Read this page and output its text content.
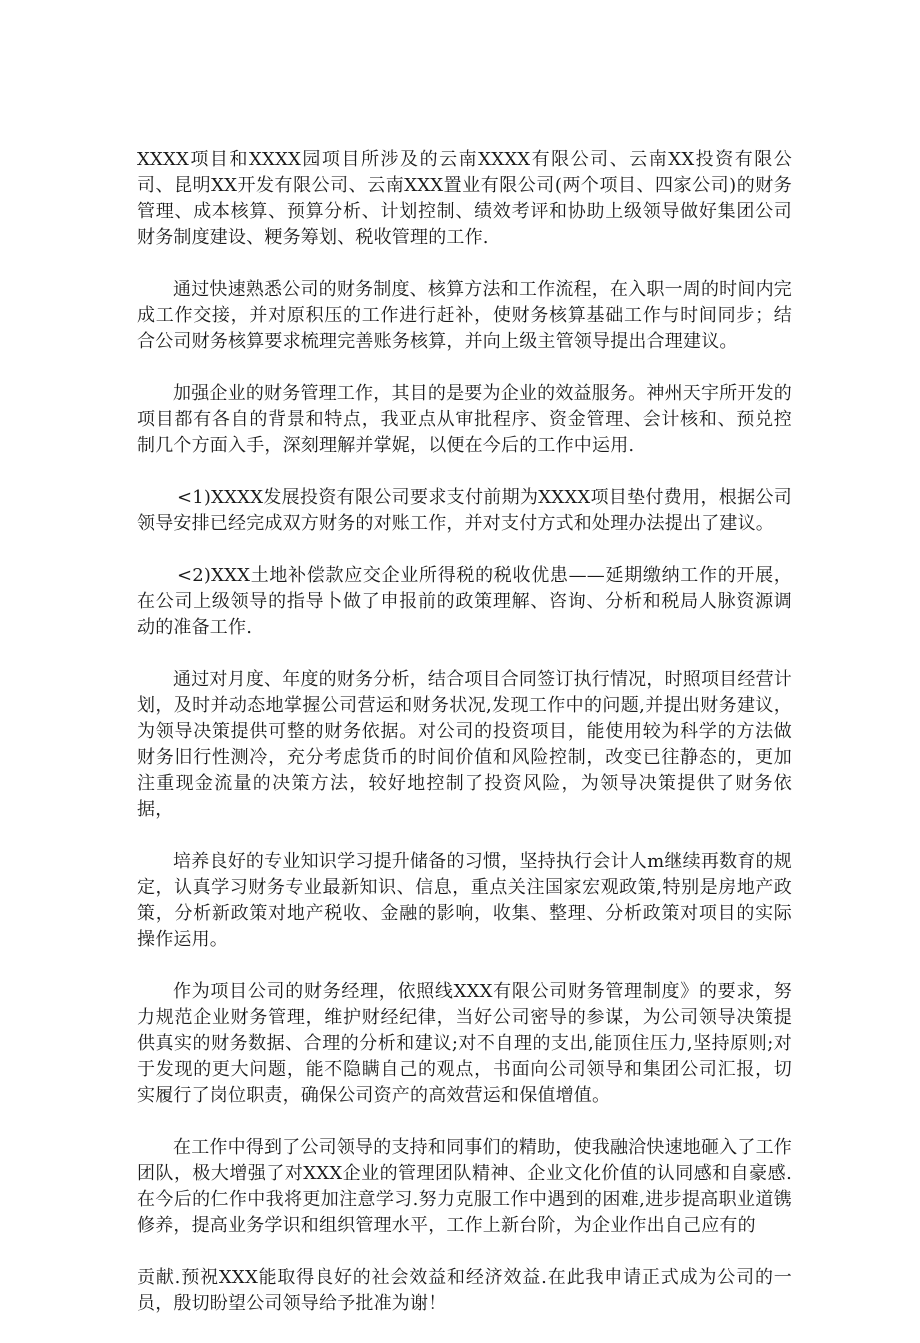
XXXX项目和XXXX园项目所涉及的云南XXXX有限公司、云南XX投资有限公司、昆明XX开发有限公司、云南XXX置业有限公司(两个项目、四家公司)的财务管理、成本核算、预算分析、计划控制、绩效考评和协助上级领导做好集团公司财务制度建设、粳务筹划、税收管理的工作.

通过快速熟悉公司的财务制度、核算方法和工作流程，在入职一周的时间内完成工作交接，并对原积压的工作进行赶补，使财务核算基础工作与时间同步；结合公司财务核算要求梳理完善账务核算，并向上级主管领导提出合理建议。

加强企业的财务管理工作，其目的是要为企业的效益服务。神州天宇所开发的项目都有各自的背景和特点，我亚点从审批程序、资金管理、会计核和、预兑控制几个方面入手，深刻理解并掌娓，以便在今后的工作中运用.

<1)XXXX发展投资有限公司要求支付前期为XXXX项目垫付费用，根据公司领导安排已经完成双方财务的对账工作，并对支付方式和处理办法提出了建议。

<2)XXX土地补偿款应交企业所得税的税收优患——延期缴纳工作的开展，在公司上级领导的指导卜做了申报前的政策理解、咨询、分析和税局人脉资源调动的准备工作.

通过对月度、年度的财务分析，结合项目合同签订执行情况，时照项目经营计划，及时并动态地掌握公司营运和财务状况,发现工作中的问题,并提出财务建议，为领导决策提供可整的财务依据。对公司的投资项目，能使用较为科学的方法做财务旧行性测冷，充分考虑货币的时间价值和风险控制，改变已往静态的，更加注重现金流量的决策方法，较好地控制了投资风险，为领导决策提供了财务依据，

培养良好的专业知识学习提升储备的习惯，坚持执行会计人m继续再数育的规定，认真学习财务专业最新知识、信息，重点关注国家宏观政策,特别是房地产政策，分析新政策对地产税收、金融的影响，收集、整理、分析政策对项目的实际操作运用。

作为项目公司的财务经理，依照线XXX有限公司财务管理制度》的要求，努力规范企业财务管理，维护财经纪律，当好公司密导的参谋，为公司领导决策提供真实的财务数据、合理的分析和建议;对不自理的支出,能顶住压力,坚持原则;对于发现的更大问题，能不隐瞒自己的观点，书面向公司领导和集团公司汇报，切实履行了岗位职责，确保公司资产的高效营运和保值增值。

在工作中得到了公司领导的支持和同事们的精助，使我融洽快速地砸入了工作团队，极大增强了对XXX企业的管理团队精神、企业文化价值的认同感和自豪感.在今后的仁作中我将更加注意学习.努力克服工作中遇到的困难,进步提高职业道镌修养，提高业务学识和组织管理水平，工作上新台阶，为企业作出自己应有的

贡献.预祝XXX能取得良好的社会效益和经济效益.在此我申请正式成为公司的一员，殷切盼望公司领导给予批准为谢！
